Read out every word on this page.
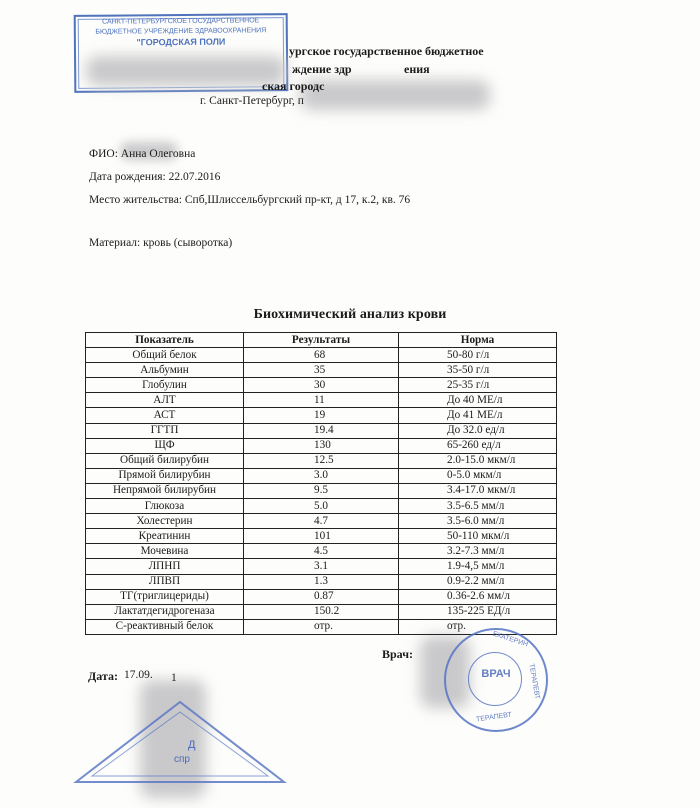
САНКТ-ПЕТЕРБУРГСКОЕ ГОСУДАРСТВЕННОЕ
БЮДЖЕТНОЕ УЧРЕЖДЕНИЕ ЗДРАВООХРАНЕНИЯ
"ГОРОДСКАЯ ПОЛИ
ургское государственное бюджетное
ждение здр	ения
ская городс
г. Санкт-Петербург, п
ФИО: Анна Олеговна
Дата рождения: 22.07.2016
Место жительства: Спб,Шлиссельбургский пр-кт, д 17, к.2, кв. 76
Материал: кровь (сыворотка)
Биохимический анализ крови
Показатель	Результаты	Норма
Общий белок	68	50-80 г/л
Альбумин	35	35-50 г/л
Глобулин	30	25-35 г/л
АЛТ	11	До 40 МЕ/л
АСТ	19	До 41 МЕ/л
ГГТП	19.4	До 32.0 ед/л
ЩФ	130	65-260 ед/л
Общий билирубин	12.5	2.0-15.0 мкм/л
Прямой билирубин	3.0	0-5.0 мкм/л
Непрямой билирубин	9.5	3.4-17.0 мкм/л
Глюкоза	5.0	3.5-6.5 мм/л
Холестерин	4.7	3.5-6.0 мм/л
Креатинин	101	50-110 мкм/л
Мочевина	4.5	3.2-7.3 мм/л
ЛПНП	3.1	1.9-4,5 мм/л
ЛПВП	1.3	0.9-2.2 мм/л
ТГ(триглицериды)	0.87	0.36-2.6 мм/л
Лактатдегидрогеназа	150.2	135-225 ЕД/л
С-реактивный белок	отр.	отр.
Врач:
Дата: 17.09. 1
ЕКАТЕРИН
ВРАЧ	ТЕРАПЕВТ
ТЕРАПЕВТ
Д
спр
